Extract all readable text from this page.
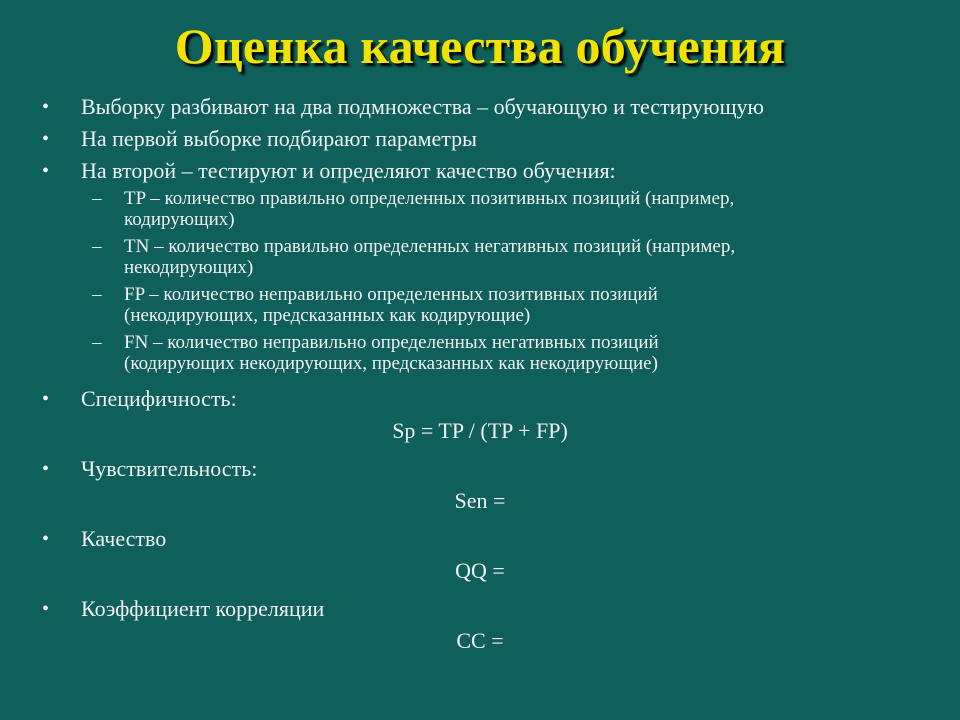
Оценка качества обучения
•	Выборку разбивают на два подмножества – обучающую и тестирующую
•	На первой выборке подбирают параметры
•	На второй – тестируют и определяют качество обучения:
– TP – количество правильно определенных позитивных позиций (например,
кодирующих)
– TN – количество правильно определенных негативных позиций (например,
некодирующих)
– FP – количество неправильно определенных позитивных позиций
(некодирующих, предсказанных как кодирующие)
– FN – количество неправильно определенных негативных позиций
(кодирующих некодирующих, предсказанных как некодирующие)
•	Специфичность:
Sp = TP / (TP + FP)
•	Чувствительность:
Sen =
•	Качество
QQ =
•	Коэффициент корреляции
CC =
